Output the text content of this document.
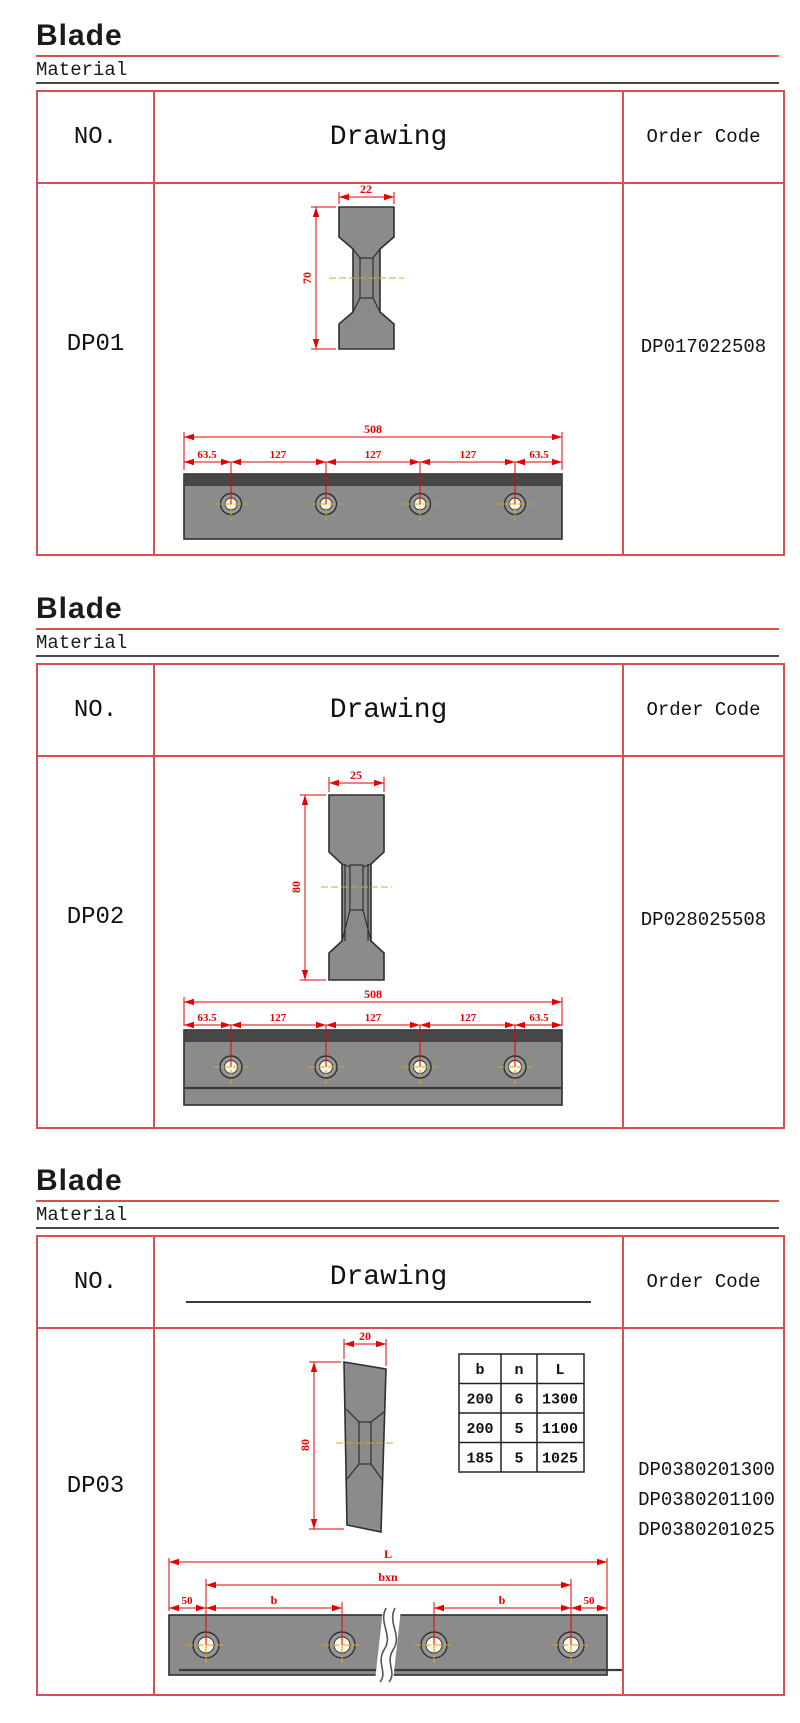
Blade
Material
NO.	Drawing	Order Code
DP01	
22
70
508
63.5	127	127	127	63.5
	DP017022508
Blade
Material
NO.	Drawing	Order Code
DP02	
25
80
508
63.5	127	127	127	63.5
	DP028025508
Blade
Material
NO.	Drawing	Order Code
DP03	
20
80
b n L
200 6 1300
200 5 1100
185 5 1025
L
bxn
50	b	b	50

DP0380201300
DP0380201100
DP0380201025
